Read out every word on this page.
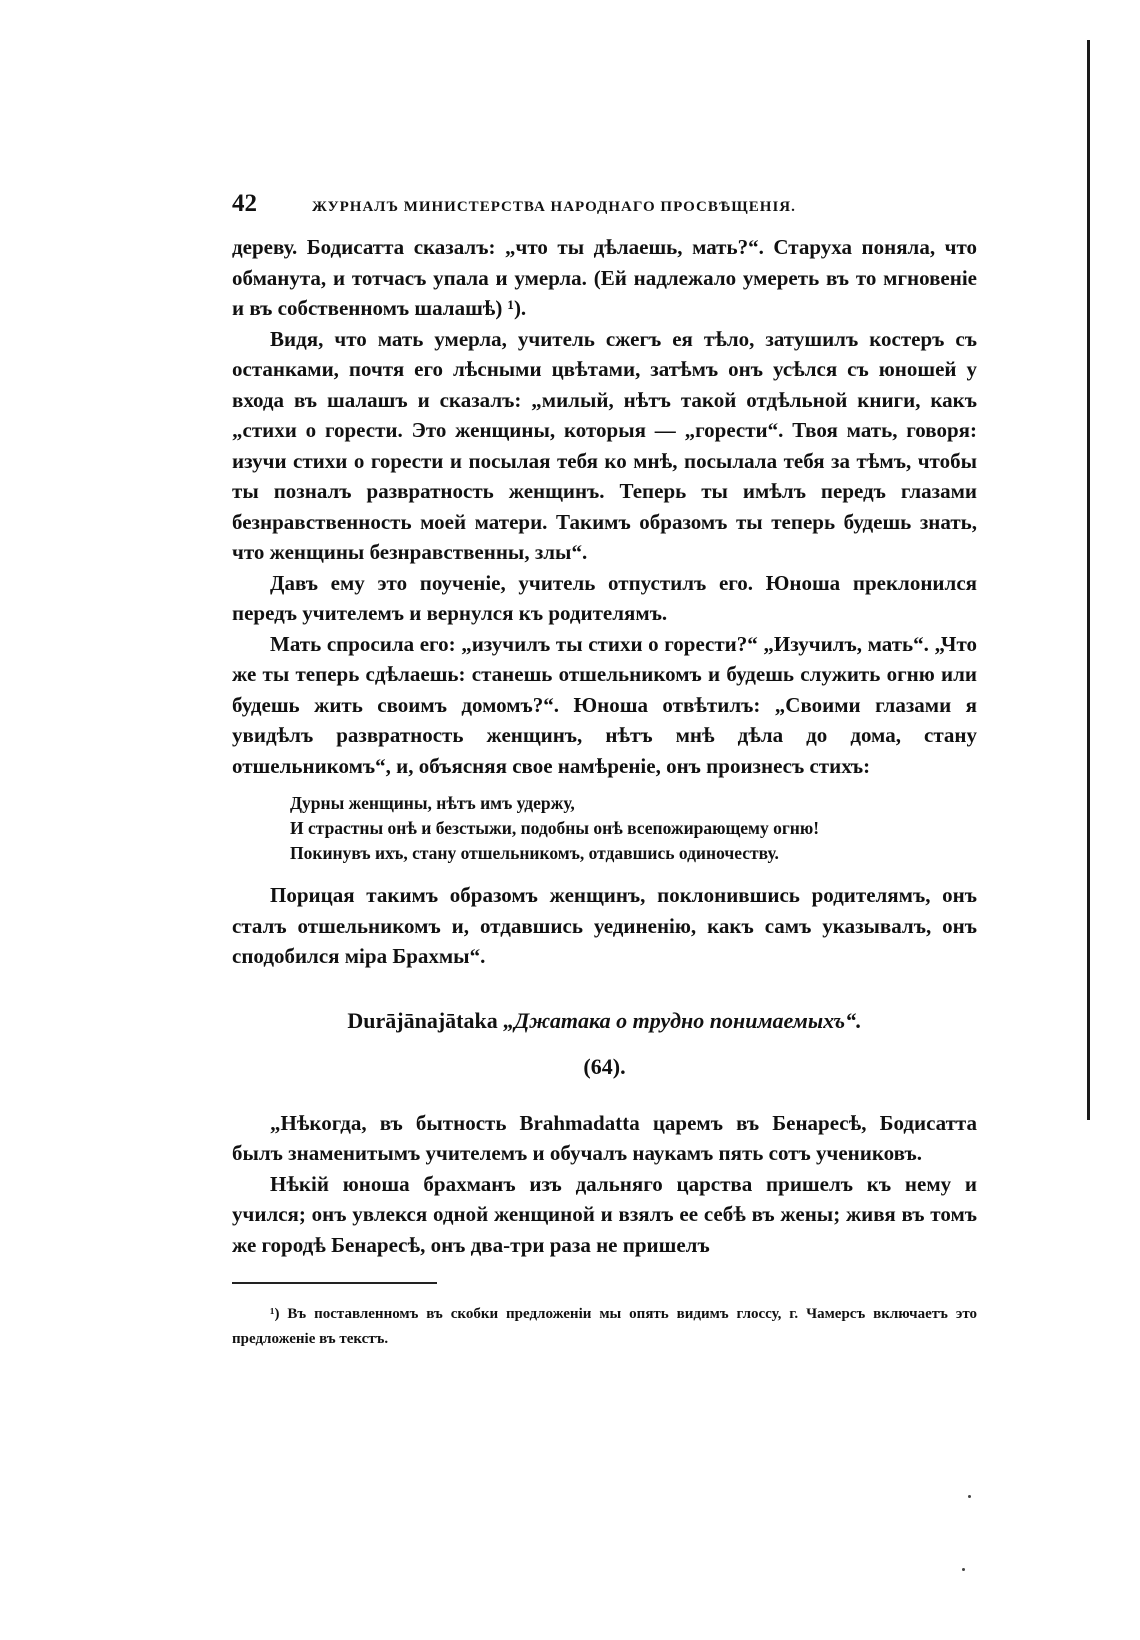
42	ЖУРНАЛЪ МИНИСТЕРСТВА НАРОДНАГО ПРОСВѢЩЕНІЯ.

дереву. Бодисатта сказалъ: „что ты дѣлаешь, мать?“. Старуха поняла, что обманута, и тотчасъ упала и умерла. (Ей надлежало умереть въ то мгновеніе и въ собственномъ шалашѣ) ¹).

Видя, что мать умерла, учитель сжегъ ея тѣло, затушилъ костеръ съ останками, почтя его лѣсными цвѣтами, затѣмъ онъ усѣлся съ юношей у входа въ шалашъ и сказалъ: „милый, нѣтъ такой отдѣльной книги, какъ „стихи о горести. Это женщины, которыя — „горести“. Твоя мать, говоря: изучи стихи о горести и посылая тебя ко мнѣ, посылала тебя за тѣмъ, чтобы ты позналъ развратность женщинъ. Теперь ты имѣлъ передъ глазами безнравственность моей матери. Такимъ образомъ ты теперь будешь знать, что женщины безнравственны, злы“.

Давъ ему это поученіе, учитель отпустилъ его. Юноша преклонился передъ учителемъ и вернулся къ родителямъ.

Мать спросила его: „изучилъ ты стихи о горести?“ „Изучилъ, мать“. „Что же ты теперь сдѣлаешь: станешь отшельникомъ и будешь служить огню или будешь жить своимъ домомъ?“. Юноша отвѣтилъ: „Своими глазами я увидѣлъ развратность женщинъ, нѣтъ мнѣ дѣла до дома, стану отшельникомъ“, и, объясняя свое намѣреніе, онъ произнесъ стихъ:

Дурны женщины, нѣтъ имъ удержу,
И страстны онѣ и безстыжи, подобны онѣ всепожирающему огню!
Покинувъ ихъ, стану отшельникомъ, отдавшись одиночеству.

Порицая такимъ образомъ женщинъ, поклонившись родителямъ, онъ сталъ отшельникомъ и, отдавшись уединенію, какъ самъ указывалъ, онъ сподобился міра Брахмы“.

Durājānajātaka „Джатака о трудно понимаемыхъ“.
(64).

„Нѣкогда, въ бытность Brahmadatta царемъ въ Бенаресѣ, Бодисатта былъ знаменитымъ учителемъ и обучалъ наукамъ пять сотъ учениковъ.

Нѣкій юноша брахманъ изъ дальняго царства пришелъ къ нему и учился; онъ увлекся одной женщиной и взялъ ее себѣ въ жены; живя въ томъ же городѣ Бенаресѣ, онъ два-три раза не пришелъ

¹) Въ поставленномъ въ скобки предложеніи мы опять видимъ глоссу, г. Чамерсъ включаетъ это предложеніе въ текстъ.
